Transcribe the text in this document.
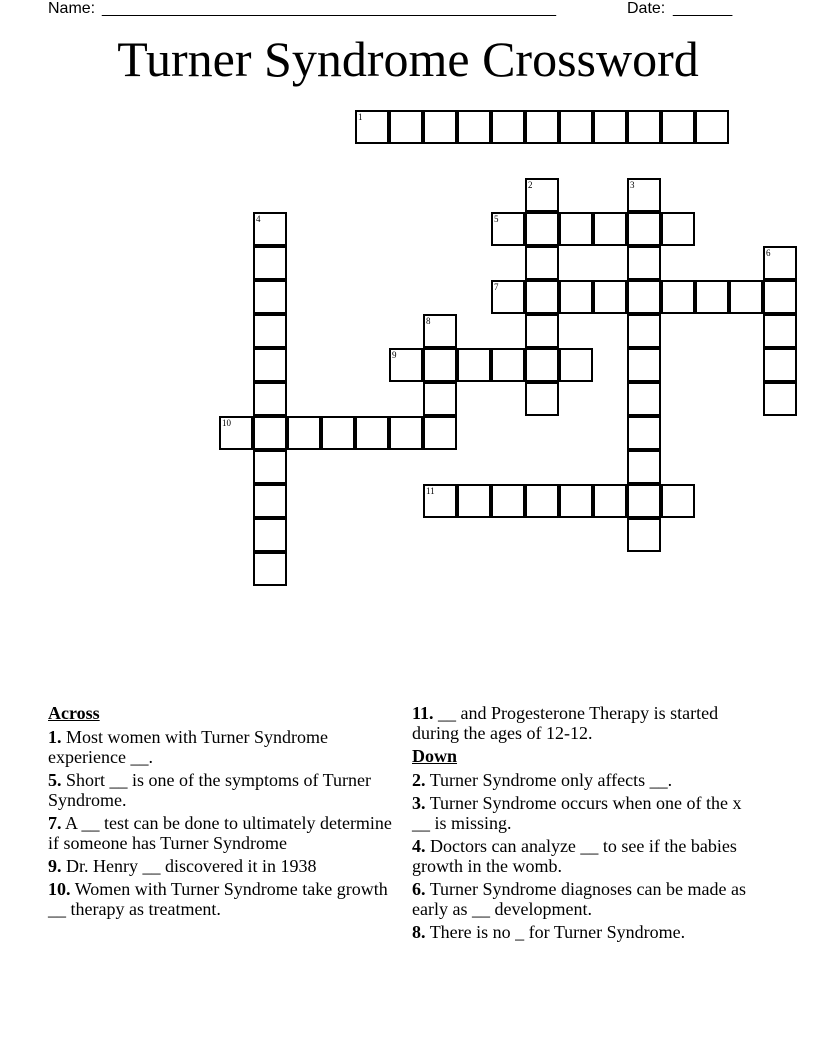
Name: ______________________________________________________	Date: _______
Turner Syndrome Crossword
1
2	3
4	5
6
7
8
9
10
11
Across
1. Most women with Turner Syndrome experience __.
5. Short __ is one of the symptoms of Turner Syndrome.
7. A __ test can be done to ultimately determine if someone has Turner Syndrome
9. Dr. Henry __ discovered it in 1938
10. Women with Turner Syndrome take growth __ therapy as treatment.
11. __ and Progesterone Therapy is started during the ages of 12-12.
Down
2. Turner Syndrome only affects __.
3. Turner Syndrome occurs when one of the x __ is missing.
4. Doctors can analyze __ to see if the babies growth in the womb.
6. Turner Syndrome diagnoses can be made as early as __ development.
8. There is no _ for Turner Syndrome.
